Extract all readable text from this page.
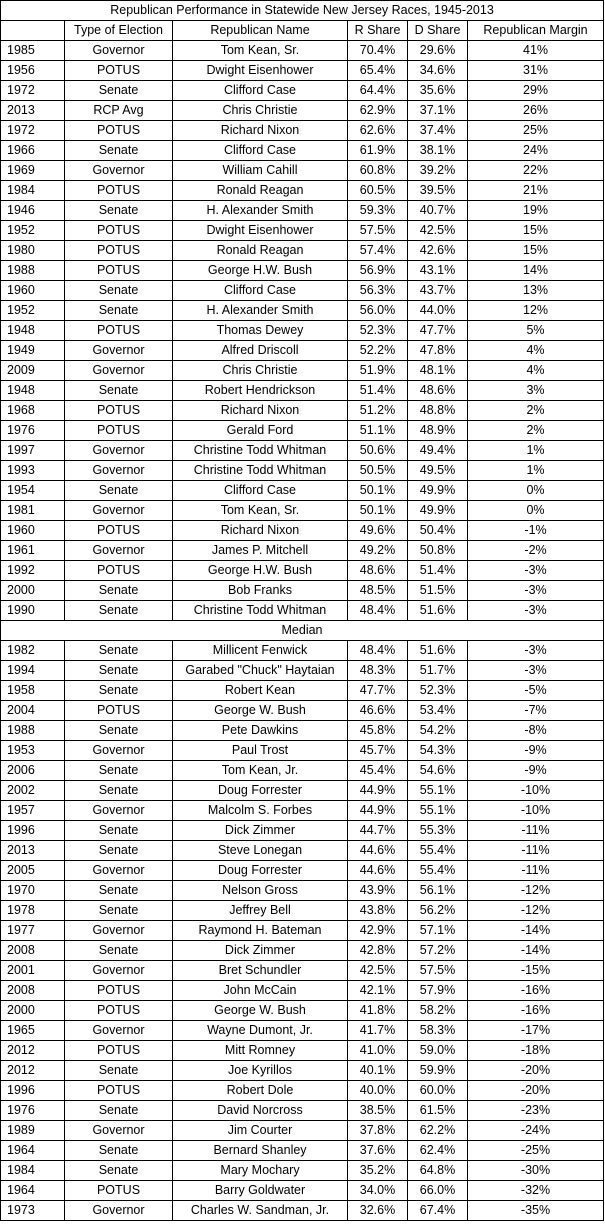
Republican Performance in Statewide New Jersey Races, 1945-2013					
	Type of Election	Republican Name	R Share	D Share	Republican Margin
1985	Governor	Tom Kean, Sr.	70.4%	29.6%	41%
1956	POTUS	Dwight Eisenhower	65.4%	34.6%	31%
1972	Senate	Clifford Case	64.4%	35.6%	29%
2013	RCP Avg	Chris Christie	62.9%	37.1%	26%
1972	POTUS	Richard Nixon	62.6%	37.4%	25%
1966	Senate	Clifford Case	61.9%	38.1%	24%
1969	Governor	William Cahill	60.8%	39.2%	22%
1984	POTUS	Ronald Reagan	60.5%	39.5%	21%
1946	Senate	H. Alexander Smith	59.3%	40.7%	19%
1952	POTUS	Dwight Eisenhower	57.5%	42.5%	15%
1980	POTUS	Ronald Reagan	57.4%	42.6%	15%
1988	POTUS	George H.W. Bush	56.9%	43.1%	14%
1960	Senate	Clifford Case	56.3%	43.7%	13%
1952	Senate	H. Alexander Smith	56.0%	44.0%	12%
1948	POTUS	Thomas Dewey	52.3%	47.7%	5%
1949	Governor	Alfred Driscoll	52.2%	47.8%	4%
2009	Governor	Chris Christie	51.9%	48.1%	4%
1948	Senate	Robert Hendrickson	51.4%	48.6%	3%
1968	POTUS	Richard Nixon	51.2%	48.8%	2%
1976	POTUS	Gerald Ford	51.1%	48.9%	2%
1997	Governor	Christine Todd Whitman	50.6%	49.4%	1%
1993	Governor	Christine Todd Whitman	50.5%	49.5%	1%
1954	Senate	Clifford Case	50.1%	49.9%	0%
1981	Governor	Tom Kean, Sr.	50.1%	49.9%	0%
1960	POTUS	Richard Nixon	49.6%	50.4%	-1%
1961	Governor	James P. Mitchell	49.2%	50.8%	-2%
1992	POTUS	George H.W. Bush	48.6%	51.4%	-3%
2000	Senate	Bob Franks	48.5%	51.5%	-3%
1990	Senate	Christine Todd Whitman	48.4%	51.6%	-3%
Median					
1982	Senate	Millicent Fenwick	48.4%	51.6%	-3%
1994	Senate	Garabed "Chuck" Haytaian	48.3%	51.7%	-3%
1958	Senate	Robert Kean	47.7%	52.3%	-5%
2004	POTUS	George W. Bush	46.6%	53.4%	-7%
1988	Senate	Pete Dawkins	45.8%	54.2%	-8%
1953	Governor	Paul Trost	45.7%	54.3%	-9%
2006	Senate	Tom Kean, Jr.	45.4%	54.6%	-9%
2002	Senate	Doug Forrester	44.9%	55.1%	-10%
1957	Governor	Malcolm S. Forbes	44.9%	55.1%	-10%
1996	Senate	Dick Zimmer	44.7%	55.3%	-11%
2013	Senate	Steve Lonegan	44.6%	55.4%	-11%
2005	Governor	Doug Forrester	44.6%	55.4%	-11%
1970	Senate	Nelson Gross	43.9%	56.1%	-12%
1978	Senate	Jeffrey Bell	43.8%	56.2%	-12%
1977	Governor	Raymond H. Bateman	42.9%	57.1%	-14%
2008	Senate	Dick Zimmer	42.8%	57.2%	-14%
2001	Governor	Bret Schundler	42.5%	57.5%	-15%
2008	POTUS	John McCain	42.1%	57.9%	-16%
2000	POTUS	George W. Bush	41.8%	58.2%	-16%
1965	Governor	Wayne Dumont, Jr.	41.7%	58.3%	-17%
2012	POTUS	Mitt Romney	41.0%	59.0%	-18%
2012	Senate	Joe Kyrillos	40.1%	59.9%	-20%
1996	POTUS	Robert Dole	40.0%	60.0%	-20%
1976	Senate	David Norcross	38.5%	61.5%	-23%
1989	Governor	Jim Courter	37.8%	62.2%	-24%
1964	Senate	Bernard Shanley	37.6%	62.4%	-25%
1984	Senate	Mary Mochary	35.2%	64.8%	-30%
1964	POTUS	Barry Goldwater	34.0%	66.0%	-32%
1973	Governor	Charles W. Sandman, Jr.	32.6%	67.4%	-35%
